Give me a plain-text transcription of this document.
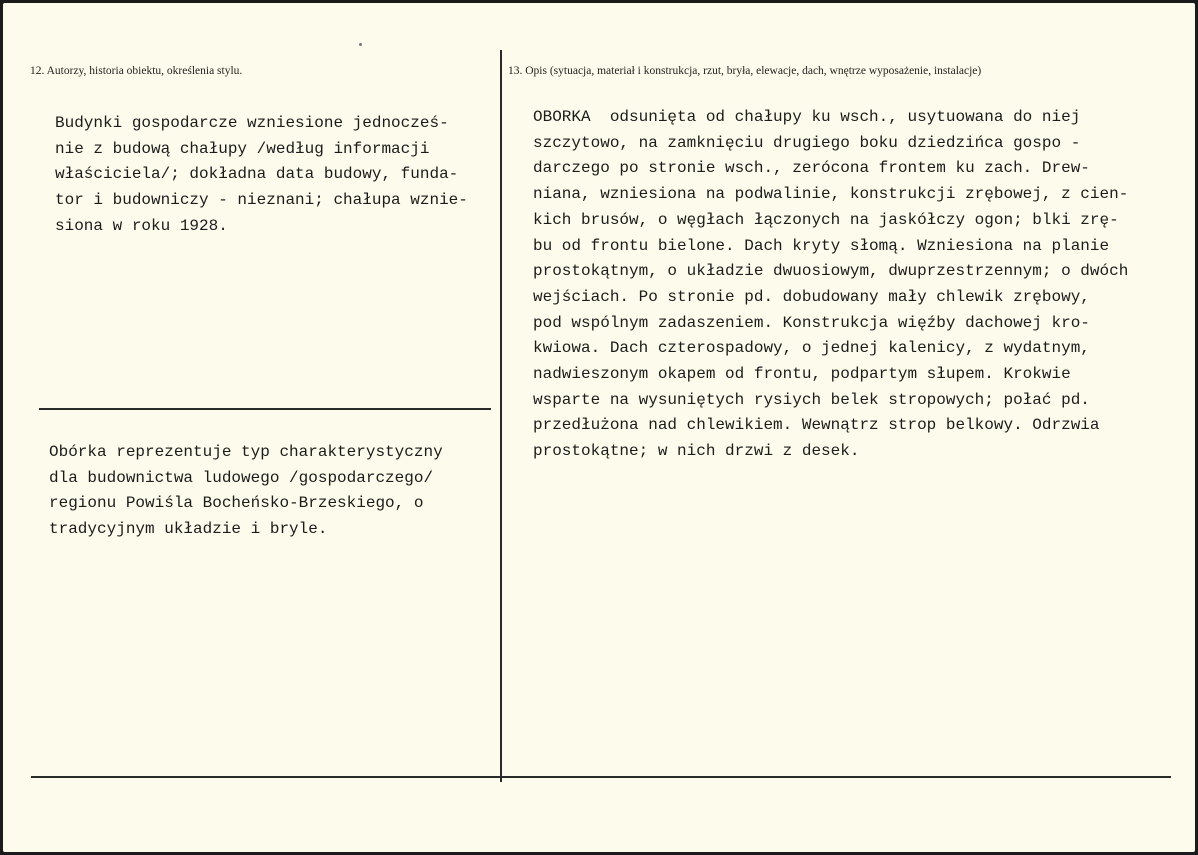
12. Autorzy, historia obiektu, określenia stylu.	13. Opis (sytuacja, materiał i konstrukcja, rzut, bryła, elewacje, dach, wnętrze wyposażenie, instalacje)
Budynki gospodarcze wzniesione jednocześ-
nie z budową chałupy /według informacji
właściciela/; dokładna data budowy, funda-
tor i budowniczy - nieznani; chałupa wznie-
siona w roku 1928.
Obórka reprezentuje typ charakterystyczny
dla budownictwa ludowego /gospodarczego/
regionu Powiśla Bocheńsko-Brzeskiego, o
tradycyjnym układzie i bryle.
OBORKA  odsunięta od chałupy ku wsch., usytuowana do niej
szczytowo, na zamknięciu drugiego boku dziedzińca gospo -
darczego po stronie wsch., zerócona frontem ku zach. Drew-
niana, wzniesiona na podwalinie, konstrukcji zrębowej, z cien-
kich brusów, o węgłach łączonych na jaskółczy ogon; blki zrę-
bu od frontu bielone. Dach kryty słomą. Wzniesiona na planie
prostokątnym, o układzie dwuosiowym, dwuprzestrzennym; o dwóch
wejściach. Po stronie pd. dobudowany mały chlewik zrębowy,
pod wspólnym zadaszeniem. Konstrukcja więźby dachowej kro-
kwiowa. Dach czterospadowy, o jednej kalenicy, z wydatnym,
nadwieszonym okapem od frontu, podpartym słupem. Krokwie
wsparte na wysuniętych rysiych belek stropowych; połać pd.
przedłużona nad chlewikiem. Wewnątrz strop belkowy. Odrzwia
prostokątne; w nich drzwi z desek.
